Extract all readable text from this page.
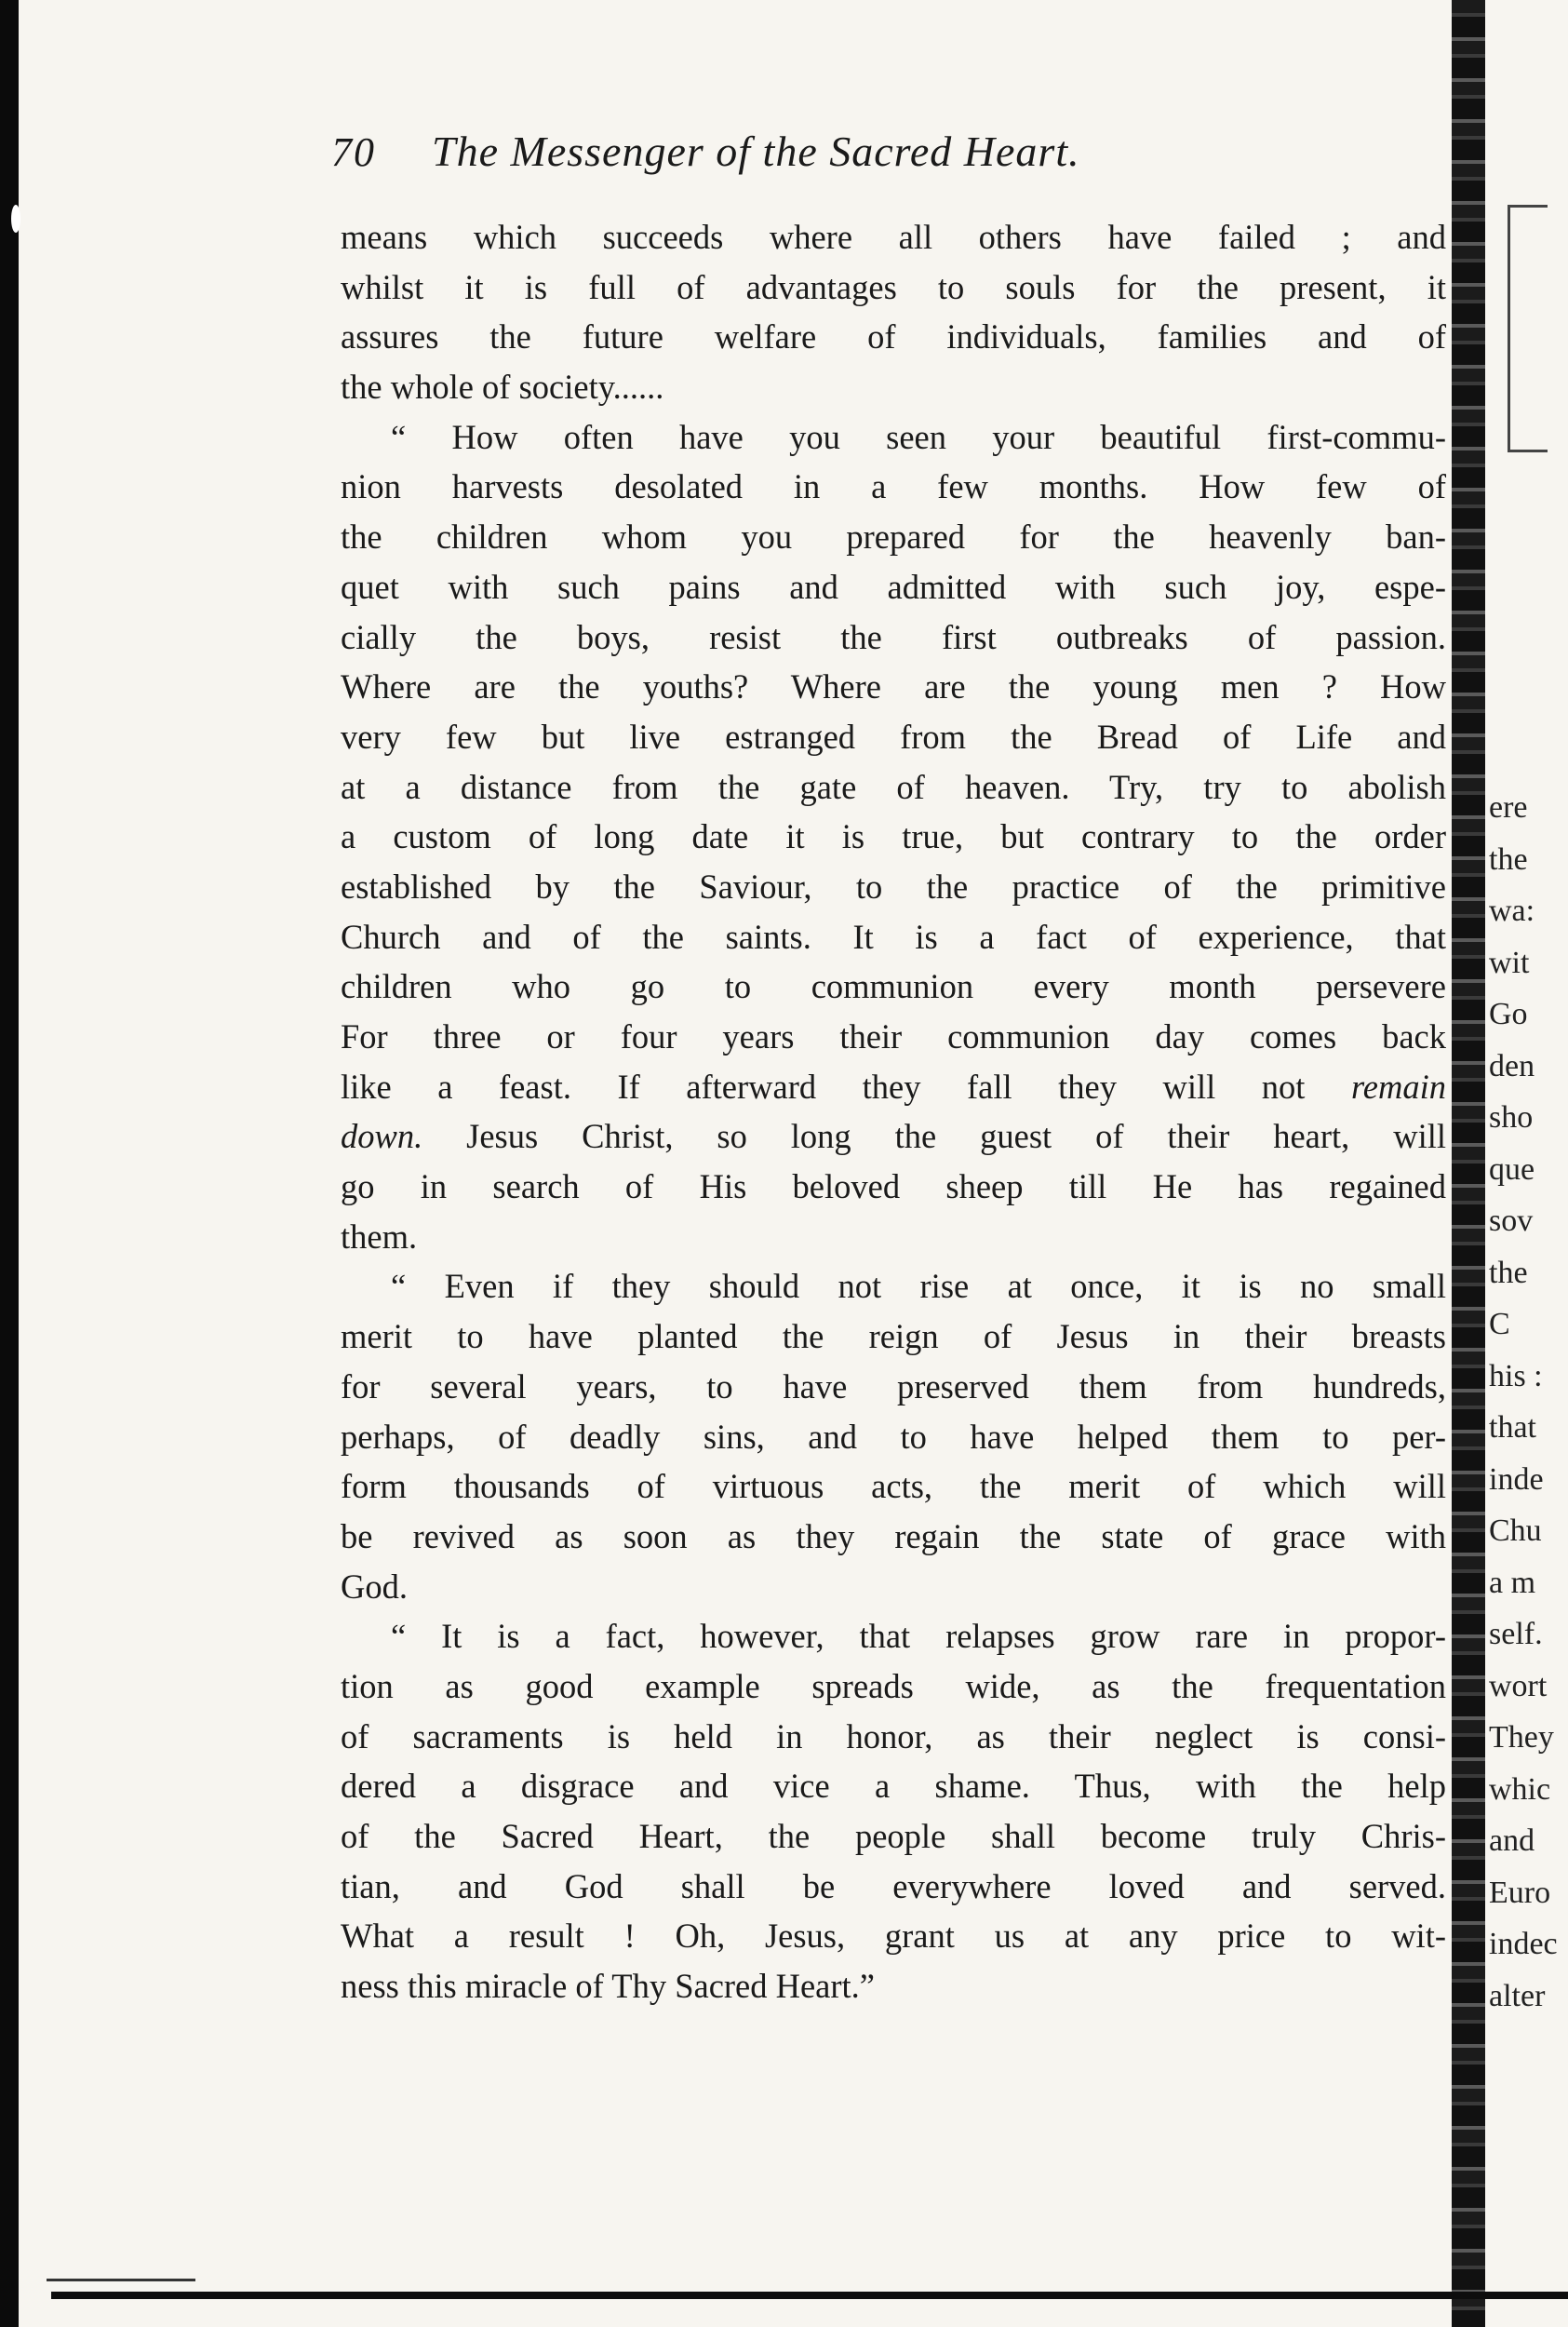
70 The Messenger of the Sacred Heart.
means which succeeds where all others have failed ; and
whilst it is full of advantages to souls for the present, it
assures the future welfare of individuals, families and of
the whole of society......
“ How often have you seen your beautiful first-commu-
nion harvests desolated in a few months. How few of
the children whom you prepared for the heavenly ban-
quet with such pains and admitted with such joy, espe-
cially the boys, resist the first outbreaks of passion.
Where are the youths? Where are the young men ? How
very few but live estranged from the Bread of Life and
at a distance from the gate of heaven. Try, try to abolish
a custom of long date it is true, but contrary to the order
established by the Saviour, to the practice of the primitive
Church and of the saints. It is a fact of experience, that
children who go to communion every month persevere
For three or four years their communion day comes back
like a feast. If afterward they fall they will not remain
down. Jesus Christ, so long the guest of their heart, will
go in search of His beloved sheep till He has regained
them.
“ Even if they should not rise at once, it is no small
merit to have planted the reign of Jesus in their breasts
for several years, to have preserved them from hundreds,
perhaps, of deadly sins, and to have helped them to per-
form thousands of virtuous acts, the merit of which will
be revived as soon as they regain the state of grace with
God.
“ It is a fact, however, that relapses grow rare in propor-
tion as good example spreads wide, as the frequentation
of sacraments is held in honor, as their neglect is consi-
dered a disgrace and vice a shame. Thus, with the help
of the Sacred Heart, the people shall become truly Chris-
tian, and God shall be everywhere loved and served.
What a result ! Oh, Jesus, grant us at any price to wit-
ness this miracle of Thy Sacred Heart.”
ere
the
wa:
wit
Go
den
sho
que
sov
the
C
his :
that
inde
Chu
a m
self.
wort
They
whic
and
Euro
indec
alter
